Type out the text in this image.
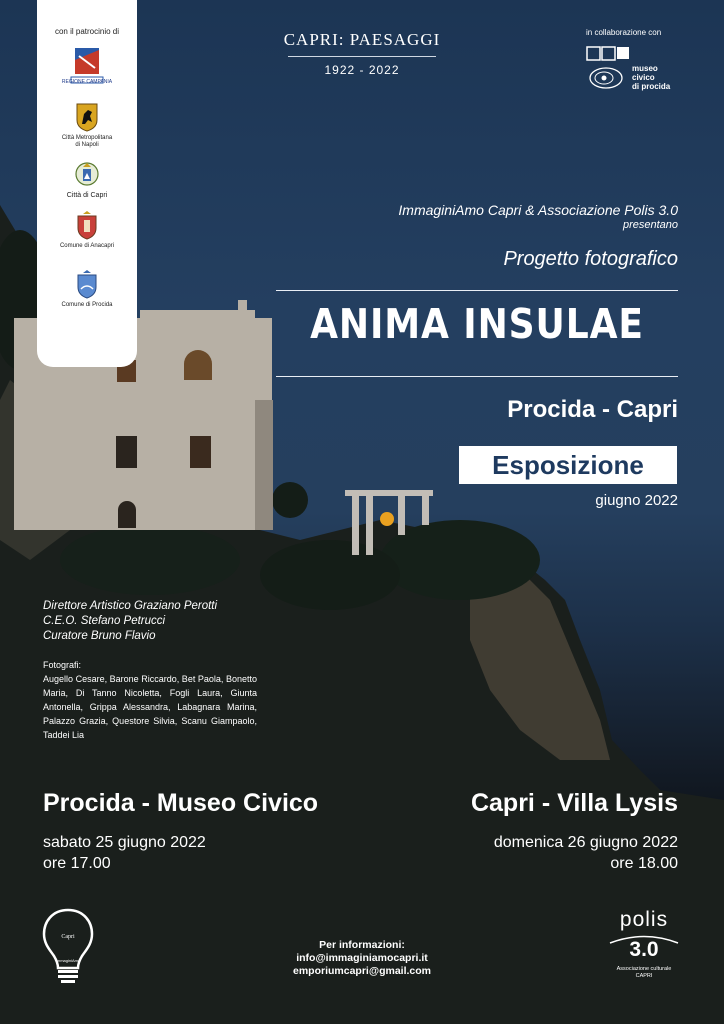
con il patrocinio di
REGIONE CAMPANIA
Città Metropolitana
di Napoli
Città di Capri
Comune di Anacapri
Comune di Procida
CAPRI: PAESAGGI
1922 - 2022
in collaborazione con
museo
civico
di procida
ImmaginiAmo Capri & Associazione Polis 3.0
presentano
Progetto fotografico
ANIMA INSULAE
Procida - Capri
Esposizione
giugno 2022
Direttore Artistico Graziano Perotti
C.E.O. Stefano Petrucci
Curatore Bruno Flavio
Fotografi:
Augello Cesare, Barone Riccardo, Bet Paola, Bonetto Maria, Di Tanno Nicoletta, Fogli Laura, Giunta Antonella, Grippa Alessandra, Labagnara Marina, Palazzo Grazia, Questore Silvia, Scanu Giampaolo, Taddei Lia
Procida - Museo Civico
sabato 25 giugno 2022
ore 17.00
Capri - Villa Lysis
domenica 26 giugno 2022
ore 18.00
Capri
ImmaginiAmo
Per informazioni:
info@immaginiamocapri.it
emporiumcapri@gmail.com
polis
3.0
Associazione culturale
CAPRI
